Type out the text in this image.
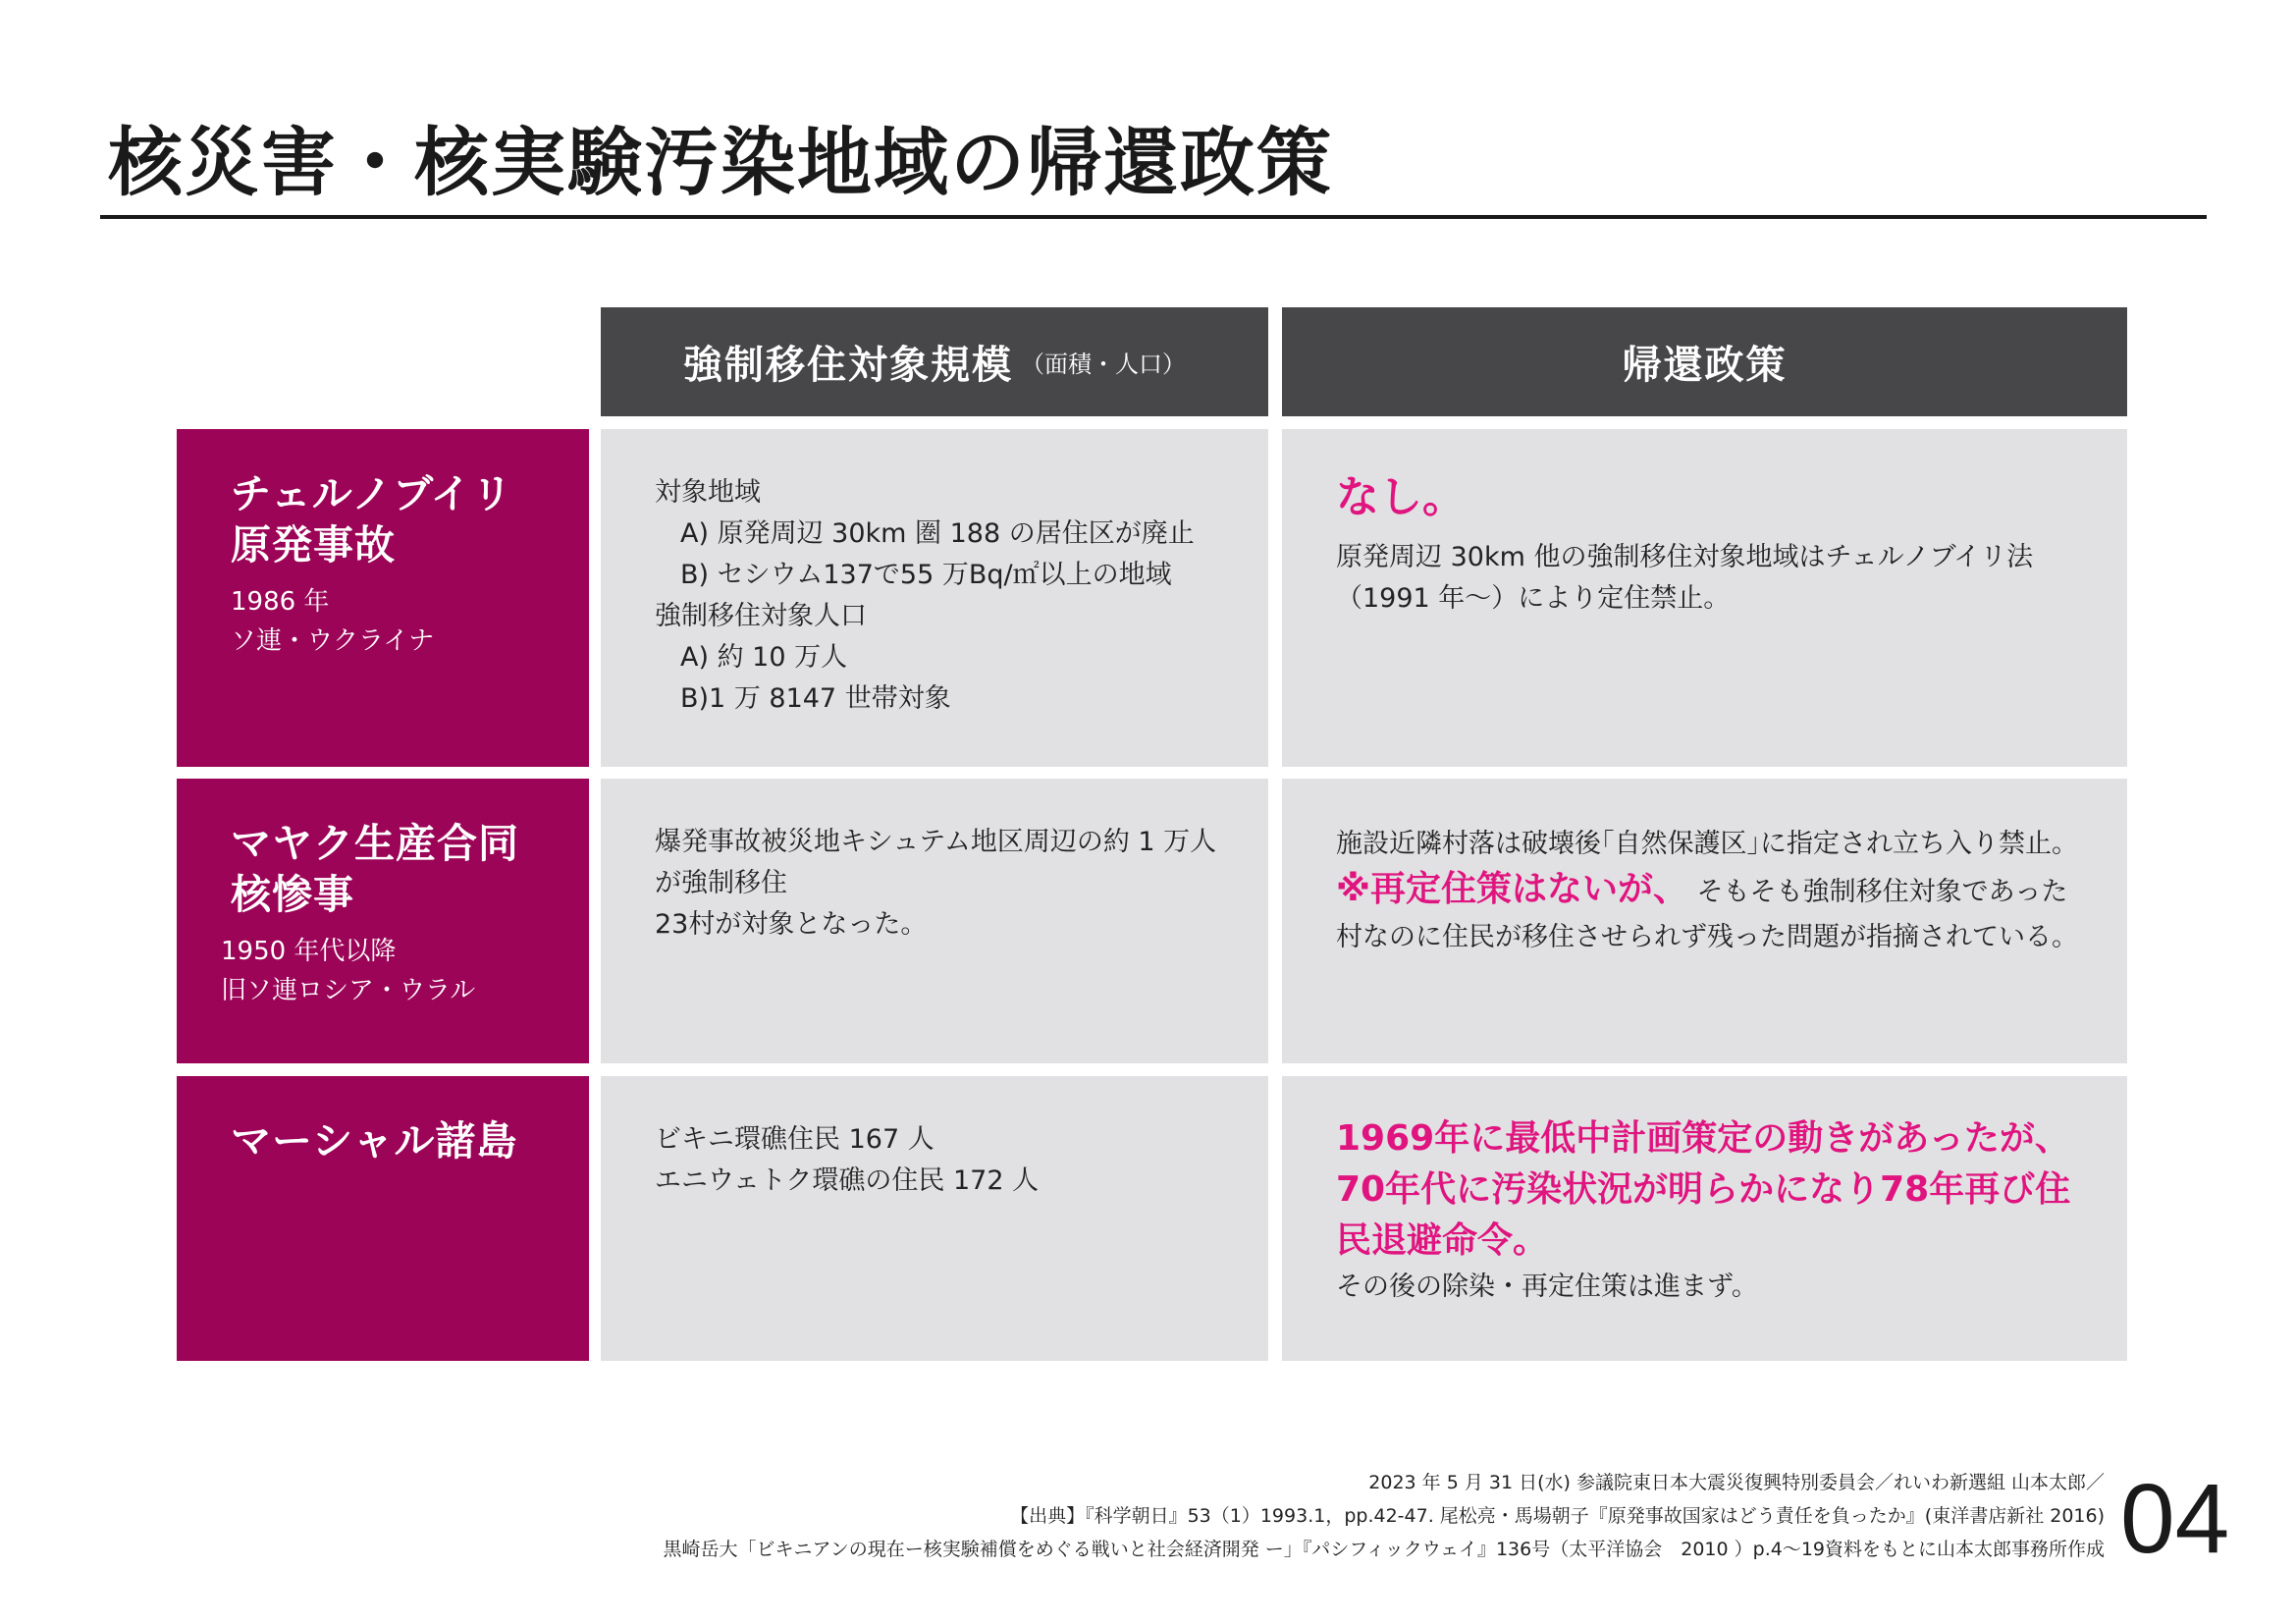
核災害・核実験汚染地域の帰還政策
強制移住対象規模 （面積・人口）	帰還政策
チェルノブイリ
原発事故
1986 年
ソ連・ウクライナ
対象地域
A) 原発周辺 30km 圏 188 の居住区が廃止
B) セシウム137で55 万Bq/㎡以上の地域
強制移住対象人口
A) 約 10 万人
B)1 万 8147 世帯対象
なし。

原発周辺 30km 他の強制移住対象地域はチェルノブイリ法（1991 年〜）により定住禁止。

マヤク生産合同
核惨事
1950 年代以降
旧ソ連ロシア・ウラル
爆発事故被災地キシュテム地区周辺の約 1 万人が強制移住
23村が対象となった。
施設近隣村落は破壊後｢自然保護区｣に指定され立ち入り禁止。

※再定住策はないが、 そもそも強制移住対象であった村なのに住民が移住させられず残った問題が指摘されている。

マーシャル諸島	ビキニ環礁住民 167 人
エニウェトク環礁の住民 172 人
1969年に最低中計画策定の動きがあったが、70年代に汚染状況が明らかになり78年再び住民退避命令。
その後の除染・再定住策は進まず。
2023 年 5 月 31 日(水) 参議院東日本大震災復興特別委員会／れいわ新選組 山本太郎／
【出典】『科学朝日』53（1）1993.1，pp.42-47. 尾松亮・馬場朝子『原発事故国家はどう責任を負ったか』(東洋書店新社 2016)
黒崎岳大「ビキニアンの現在ー核実験補償をめぐる戦いと社会経済開発 ー」『パシフィックウェイ』136号（太平洋協会　2010 ）p.4〜19資料をもとに山本太郎事務所作成 04
